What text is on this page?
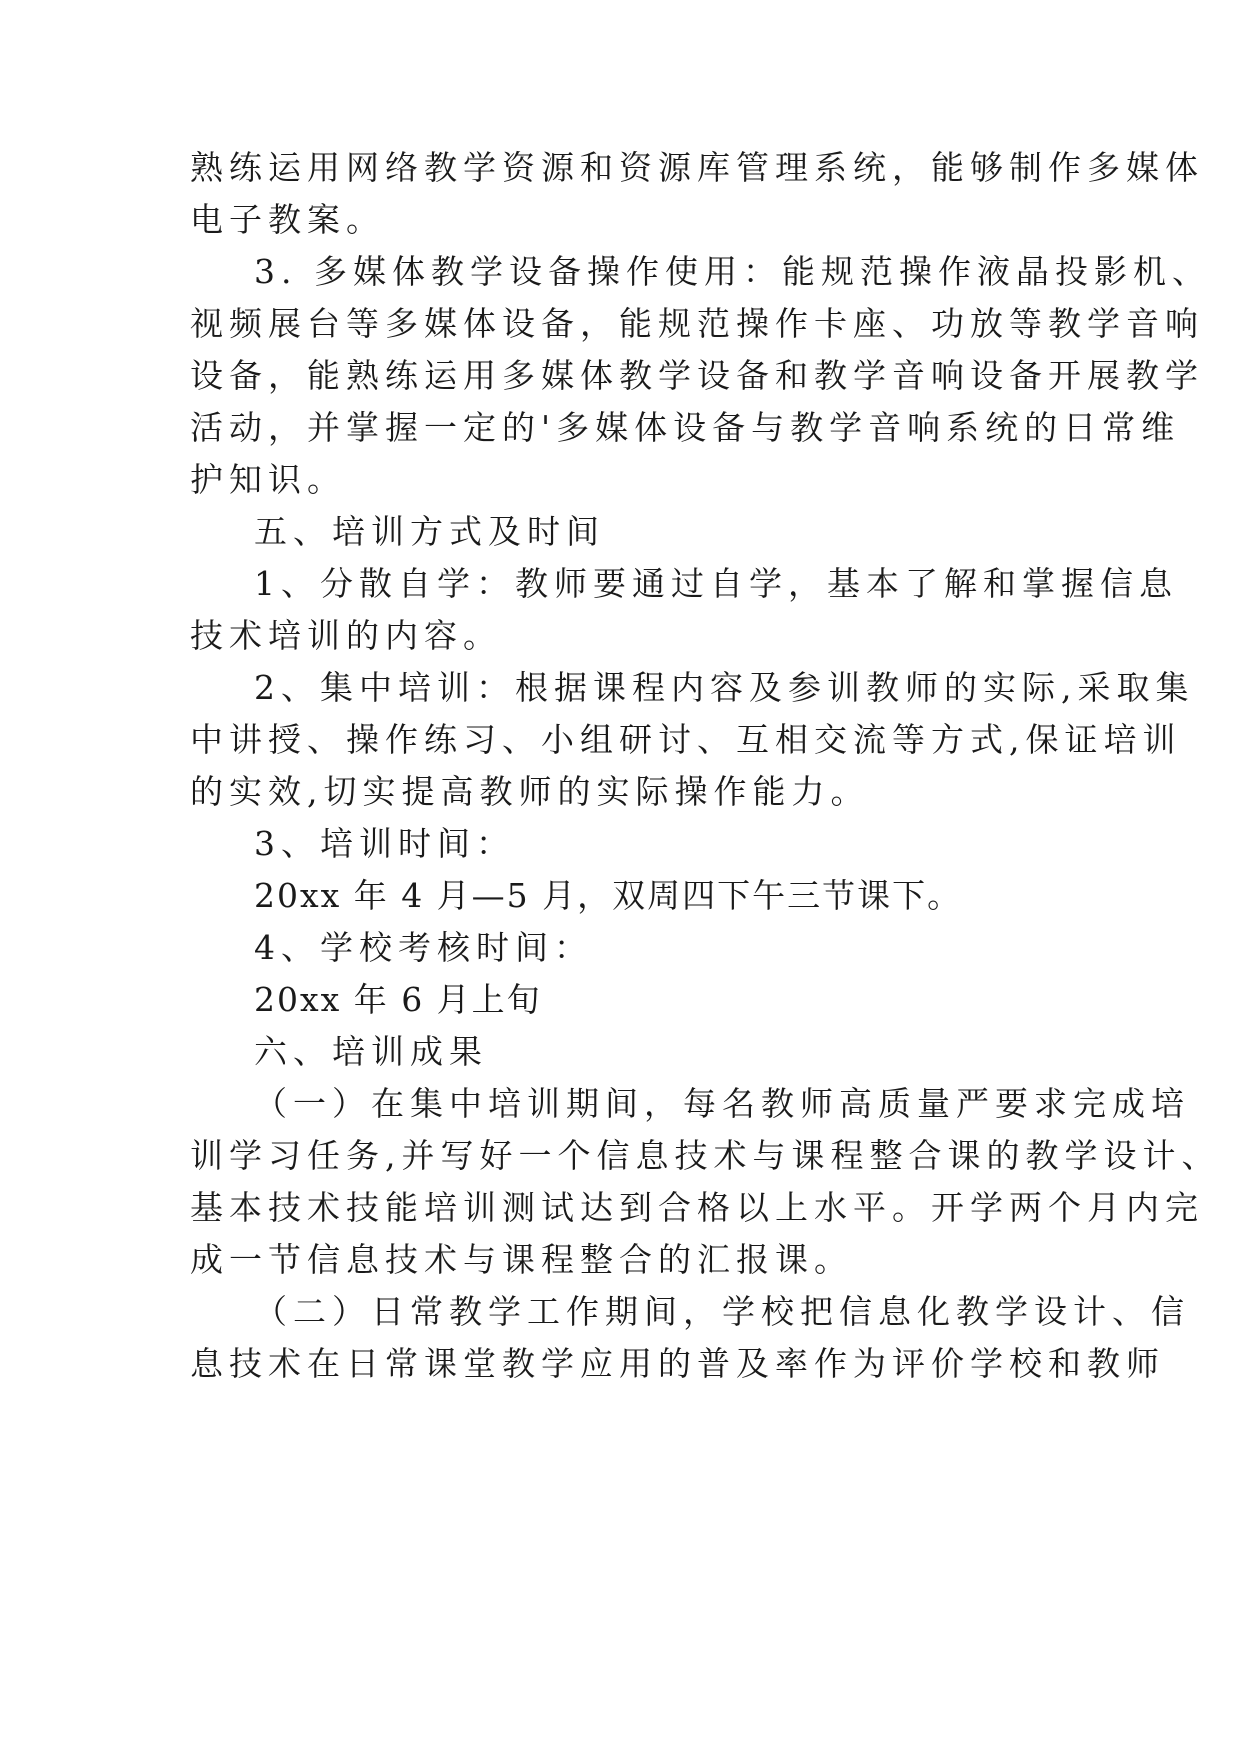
熟练运用网络教学资源和资源库管理系统，能够制作多媒体
电子教案。
3. 多媒体教学设备操作使用：能规范操作液晶投影机、
视频展台等多媒体设备，能规范操作卡座、功放等教学音响
设备，能熟练运用多媒体教学设备和教学音响设备开展教学
活动，并掌握一定的'多媒体设备与教学音响系统的日常维
护知识。
五、培训方式及时间
1、分散自学：教师要通过自学，基本了解和掌握信息
技术培训的内容。
2、集中培训：根据课程内容及参训教师的实际,采取集
中讲授、操作练习、小组研讨、互相交流等方式,保证培训
的实效,切实提高教师的实际操作能力。
3、培训时间：
20xx 年 4 月—5 月，双周四下午三节课下。
4、学校考核时间：
20xx 年 6 月上旬
六、培训成果
（一）在集中培训期间，每名教师高质量严要求完成培
训学习任务,并写好一个信息技术与课程整合课的教学设计、
基本技术技能培训测试达到合格以上水平。开学两个月内完
成一节信息技术与课程整合的汇报课。
（二）日常教学工作期间，学校把信息化教学设计、信
息技术在日常课堂教学应用的普及率作为评价学校和教师
